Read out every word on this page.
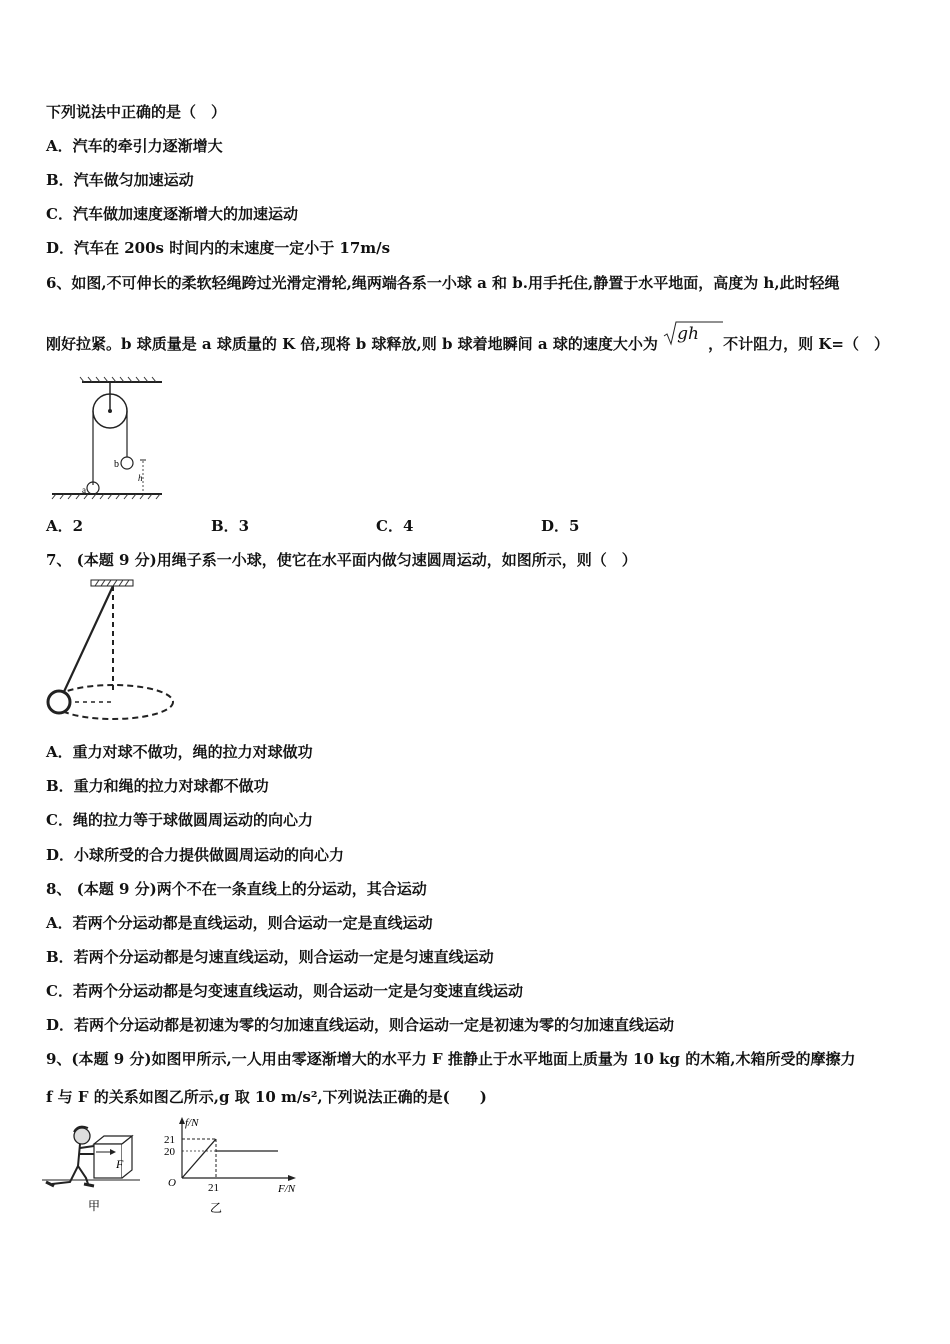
下列说法中正确的是（　）
A．汽车的牵引力逐渐增大
B．汽车做匀加速运动
C．汽车做加速度逐渐增大的加速运动
D．汽车在 200s 时间内的末速度一定小于 17m/s
6、如图,不可伸长的柔软轻绳跨过光滑定滑轮,绳两端各系一小球 a 和 b.用手托住,静置于水平地面，高度为 h,此时轻绳
刚好拉紧。b 球质量是 a 球质量的 K 倍,现将 b 球释放,则 b 球着地瞬间 a 球的速度大小为 gh ，不计阻力，则 K=（　）
b
a
h
A．2	B．3	C．4	D．5
7、 (本题 9 分)用绳子系一小球，使它在水平面内做匀速圆周运动，如图所示，则（　）
A．重力对球不做功，绳的拉力对球做功
B．重力和绳的拉力对球都不做功
C．绳的拉力等于球做圆周运动的向心力
D．小球所受的合力提供做圆周运动的向心力
8、 (本题 9 分)两个不在一条直线上的分运动，其合运动
A．若两个分运动都是直线运动，则合运动一定是直线运动
B．若两个分运动都是匀速直线运动，则合运动一定是匀速直线运动
C．若两个分运动都是匀变速直线运动，则合运动一定是匀变速直线运动
D．若两个分运动都是初速为零的匀加速直线运动，则合运动一定是初速为零的匀加速直线运动
9、(本题 9 分)如图甲所示,一人用由零逐渐增大的水平力 F 推静止于水平地面上质量为 10 kg 的木箱,木箱所受的摩擦力
f 与 F 的关系如图乙所示,g 取 10 m/s²,下列说法正确的是(　　)
F
甲
f/N
F/N
O
21
20
21
乙
